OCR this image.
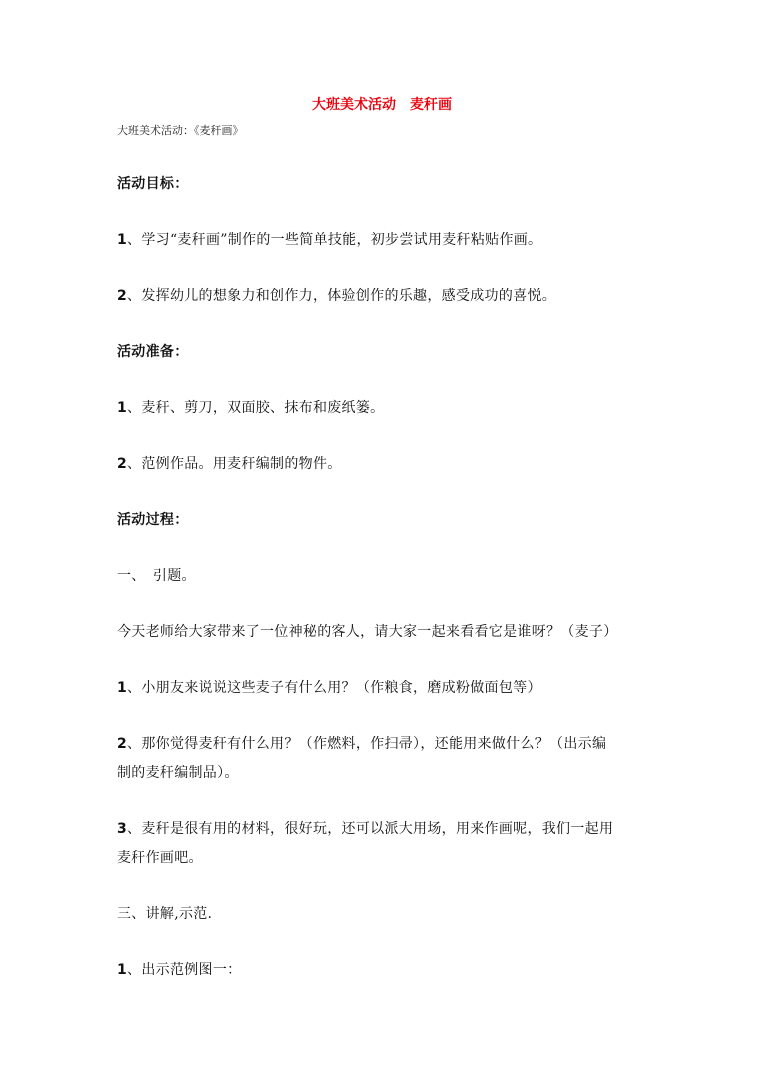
大班美术活动　麦秆画
大班美术活动：《麦秆画》
活动目标：
1、学习“麦秆画”制作的一些简单技能，初步尝试用麦秆粘贴作画。
2、发挥幼儿的想象力和创作力，体验创作的乐趣，感受成功的喜悦。
活动准备：
1、麦秆、剪刀，双面胶、抹布和废纸篓。
2、范例作品。用麦秆编制的物件。
活动过程：
一、　引题。
今天老师给大家带来了一位神秘的客人，请大家一起来看看它是谁呀？（麦子）
1、小朋友来说说这些麦子有什么用？（作粮食，磨成粉做面包等）
2、那你觉得麦秆有什么用？（作燃料，作扫帚），还能用来做什么？（出示编
制的麦秆编制品）。
3、麦秆是很有用的材料，很好玩，还可以派大用场，用来作画呢，我们一起用
麦秆作画吧。
三、讲解,示范.
1、出示范例图一：
